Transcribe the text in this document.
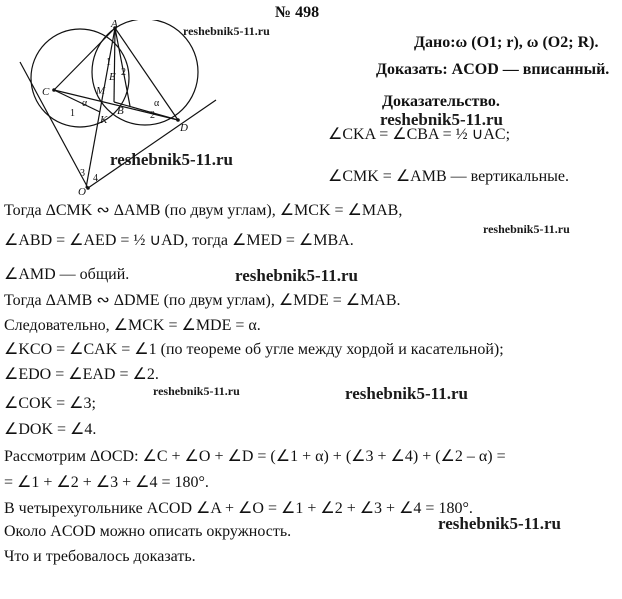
A
C
D
O
K
B
M
E
1
2
1	2
3 4
α	α
№ 498
Дано:ω (O1; r), ω (O2; R).
Доказать: ACOD — вписанный.
Доказательство.
∠CKA = ∠CBA = ½ ∪AC;
∠CMK = ∠AMB — вертикальные.
Тогда ΔCMK ∾ ΔAMB (по двум углам), ∠MCK = ∠MAB,
∠ABD = ∠AED = ½ ∪AD, тогда ∠MED = ∠MBA.
∠AMD — общий.
Тогда ΔAMB ∾ ΔDME (по двум углам), ∠MDE = ∠MAB.
Следовательно, ∠MCK = ∠MDE = α.
∠KCO = ∠CAK = ∠1 (по теореме об угле между хордой и касательной);
∠EDO = ∠EAD = ∠2.
∠COK = ∠3;
∠DOK = ∠4.
Рассмотрим ΔOCD: ∠C + ∠O + ∠D = (∠1 + α) + (∠3 + ∠4) + (∠2 – α) =
= ∠1 + ∠2 + ∠3 + ∠4 = 180°.
В четырехугольнике ACOD ∠A + ∠O = ∠1 + ∠2 + ∠3 + ∠4 = 180°.
Около ACOD можно описать окружность.
Что и требовалось доказать.
reshebnik5-11.ru
reshebnik5-11.ru
reshebnik5-11.ru
reshebnik5-11.ru
reshebnik5-11.ru
reshebnik5-11.ru	reshebnik5-11.ru
reshebnik5-11.ru
